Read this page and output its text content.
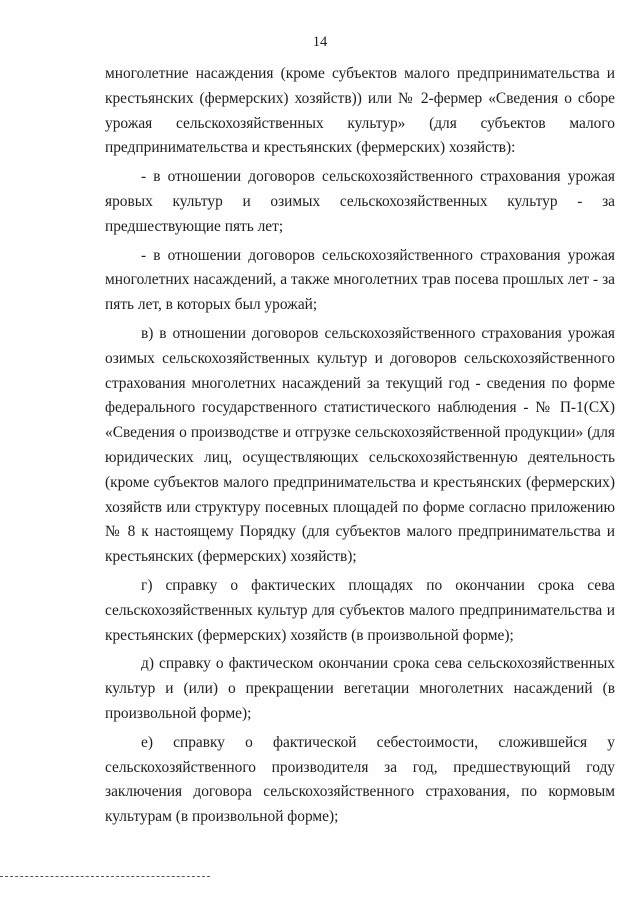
14
многолетние насаждения (кроме субъектов малого предпринимательства и
крестьянских (фермерских) хозяйств)) или № 2-фермер «Сведения о сборе
урожая сельскохозяйственных культур» (для субъектов малого
предпринимательства и крестьянских (фермерских) хозяйств):
- в отношении договоров сельскохозяйственного страхования урожая
яровых культур и озимых сельскохозяйственных культур - за
предшествующие пять лет;
- в отношении договоров сельскохозяйственного страхования урожая
многолетних насаждений, а также многолетних трав посева прошлых лет - за
пять лет, в которых был урожай;
в) в отношении договоров сельскохозяйственного страхования урожая
озимых сельскохозяйственных культур и договоров сельскохозяйственного
страхования многолетних насаждений за текущий год - сведения по форме
федерального государственного статистического наблюдения - № П-1(СХ)
«Сведения о производстве и отгрузке сельскохозяйственной продукции» (для
юридических лиц, осуществляющих сельскохозяйственную деятельность
(кроме субъектов малого предпринимательства и крестьянских (фермерских)
хозяйств или структуру посевных площадей по форме согласно приложению
№ 8 к настоящему Порядку (для субъектов малого предпринимательства и
крестьянских (фермерских) хозяйств);
г) справку о фактических площадях по окончании срока сева
сельскохозяйственных культур для субъектов малого предпринимательства и
крестьянских (фермерских) хозяйств (в произвольной форме);
д) справку о фактическом окончании срока сева сельскохозяйственных
культур и (или) о прекращении вегетации многолетних насаждений (в
произвольной форме);
е) справку о фактической себестоимости, сложившейся у
сельскохозяйственного производителя за год, предшествующий году
заключения договора сельскохозяйственного страхования, по кормовым
культурам (в произвольной форме);
